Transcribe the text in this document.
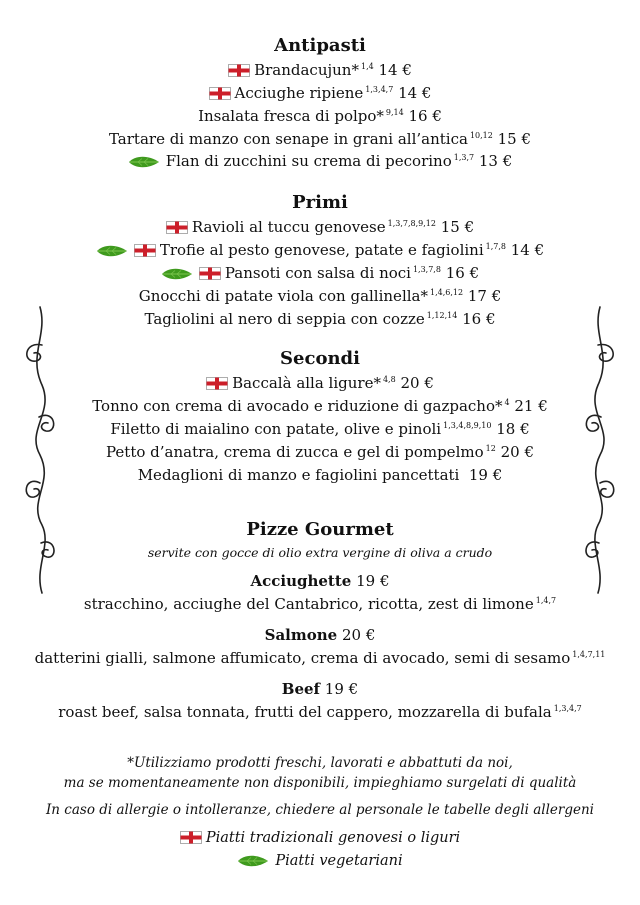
Antipasti
Brandacujun* $^{1,4}$ 14 €
Acciughe ripiene $^{1,3,4,7}$ 14 €
Insalata fresca di polpo* $^{9,14}$ 16 €
Tartare di manzo con senape in grani all’antica $^{10,12}$ 15 €
Flan di zucchini su crema di pecorino $^{1,3,7}$ 13 €
Primi
Ravioli al tuccu genovese $^{1,3,7,8,9,12}$ 15 €
Trofie al pesto genovese, patate e fagiolini $^{1,7,8}$ 14 €
Pansoti con salsa di noci $^{1,3,7,8}$ 16 €
Gnocchi di patate viola con gallinella* $^{1,4,6,12}$ 17 €
Tagliolini al nero di seppia con cozze $^{1,12,14}$ 16 €
Secondi
Baccalà alla ligure* $^{4,8}$ 20 €
Tonno con crema di avocado e riduzione di gazpacho* $^4$ 21 €
Filetto di maialino con patate, olive e pinoli $^{1,3,4,8,9,10}$ 18 €
Petto d’anatra, crema di zucca e gel di pompelmo $^{12}$ 20 €
Medaglioni di manzo e fagiolini pancettati 19 €
Pizze Gourmet
servite con gocce di olio extra vergine di oliva a crudo
Acciughette 19 €
stracchino, acciughe del Cantabrico, ricotta, zest di limone $^{1,4,7}$
Salmone 20 €
datterini gialli, salmone affumicato, crema di avocado, semi di sesamo $^{1,4,7,11}$
Beef 19 €
roast beef, salsa tonnata, frutti del cappero, mozzarella di bufala $^{1,3,4,7}$
*Utilizziamo prodotti freschi, lavorati e abbattuti da noi,
ma se momentaneamente non disponibili, impieghiamo surgelati di qualità
In caso di allergie o intolleranze, chiedere al personale le tabelle degli allergeni
Piatti tradizionali genovesi o liguri
Piatti vegetariani
